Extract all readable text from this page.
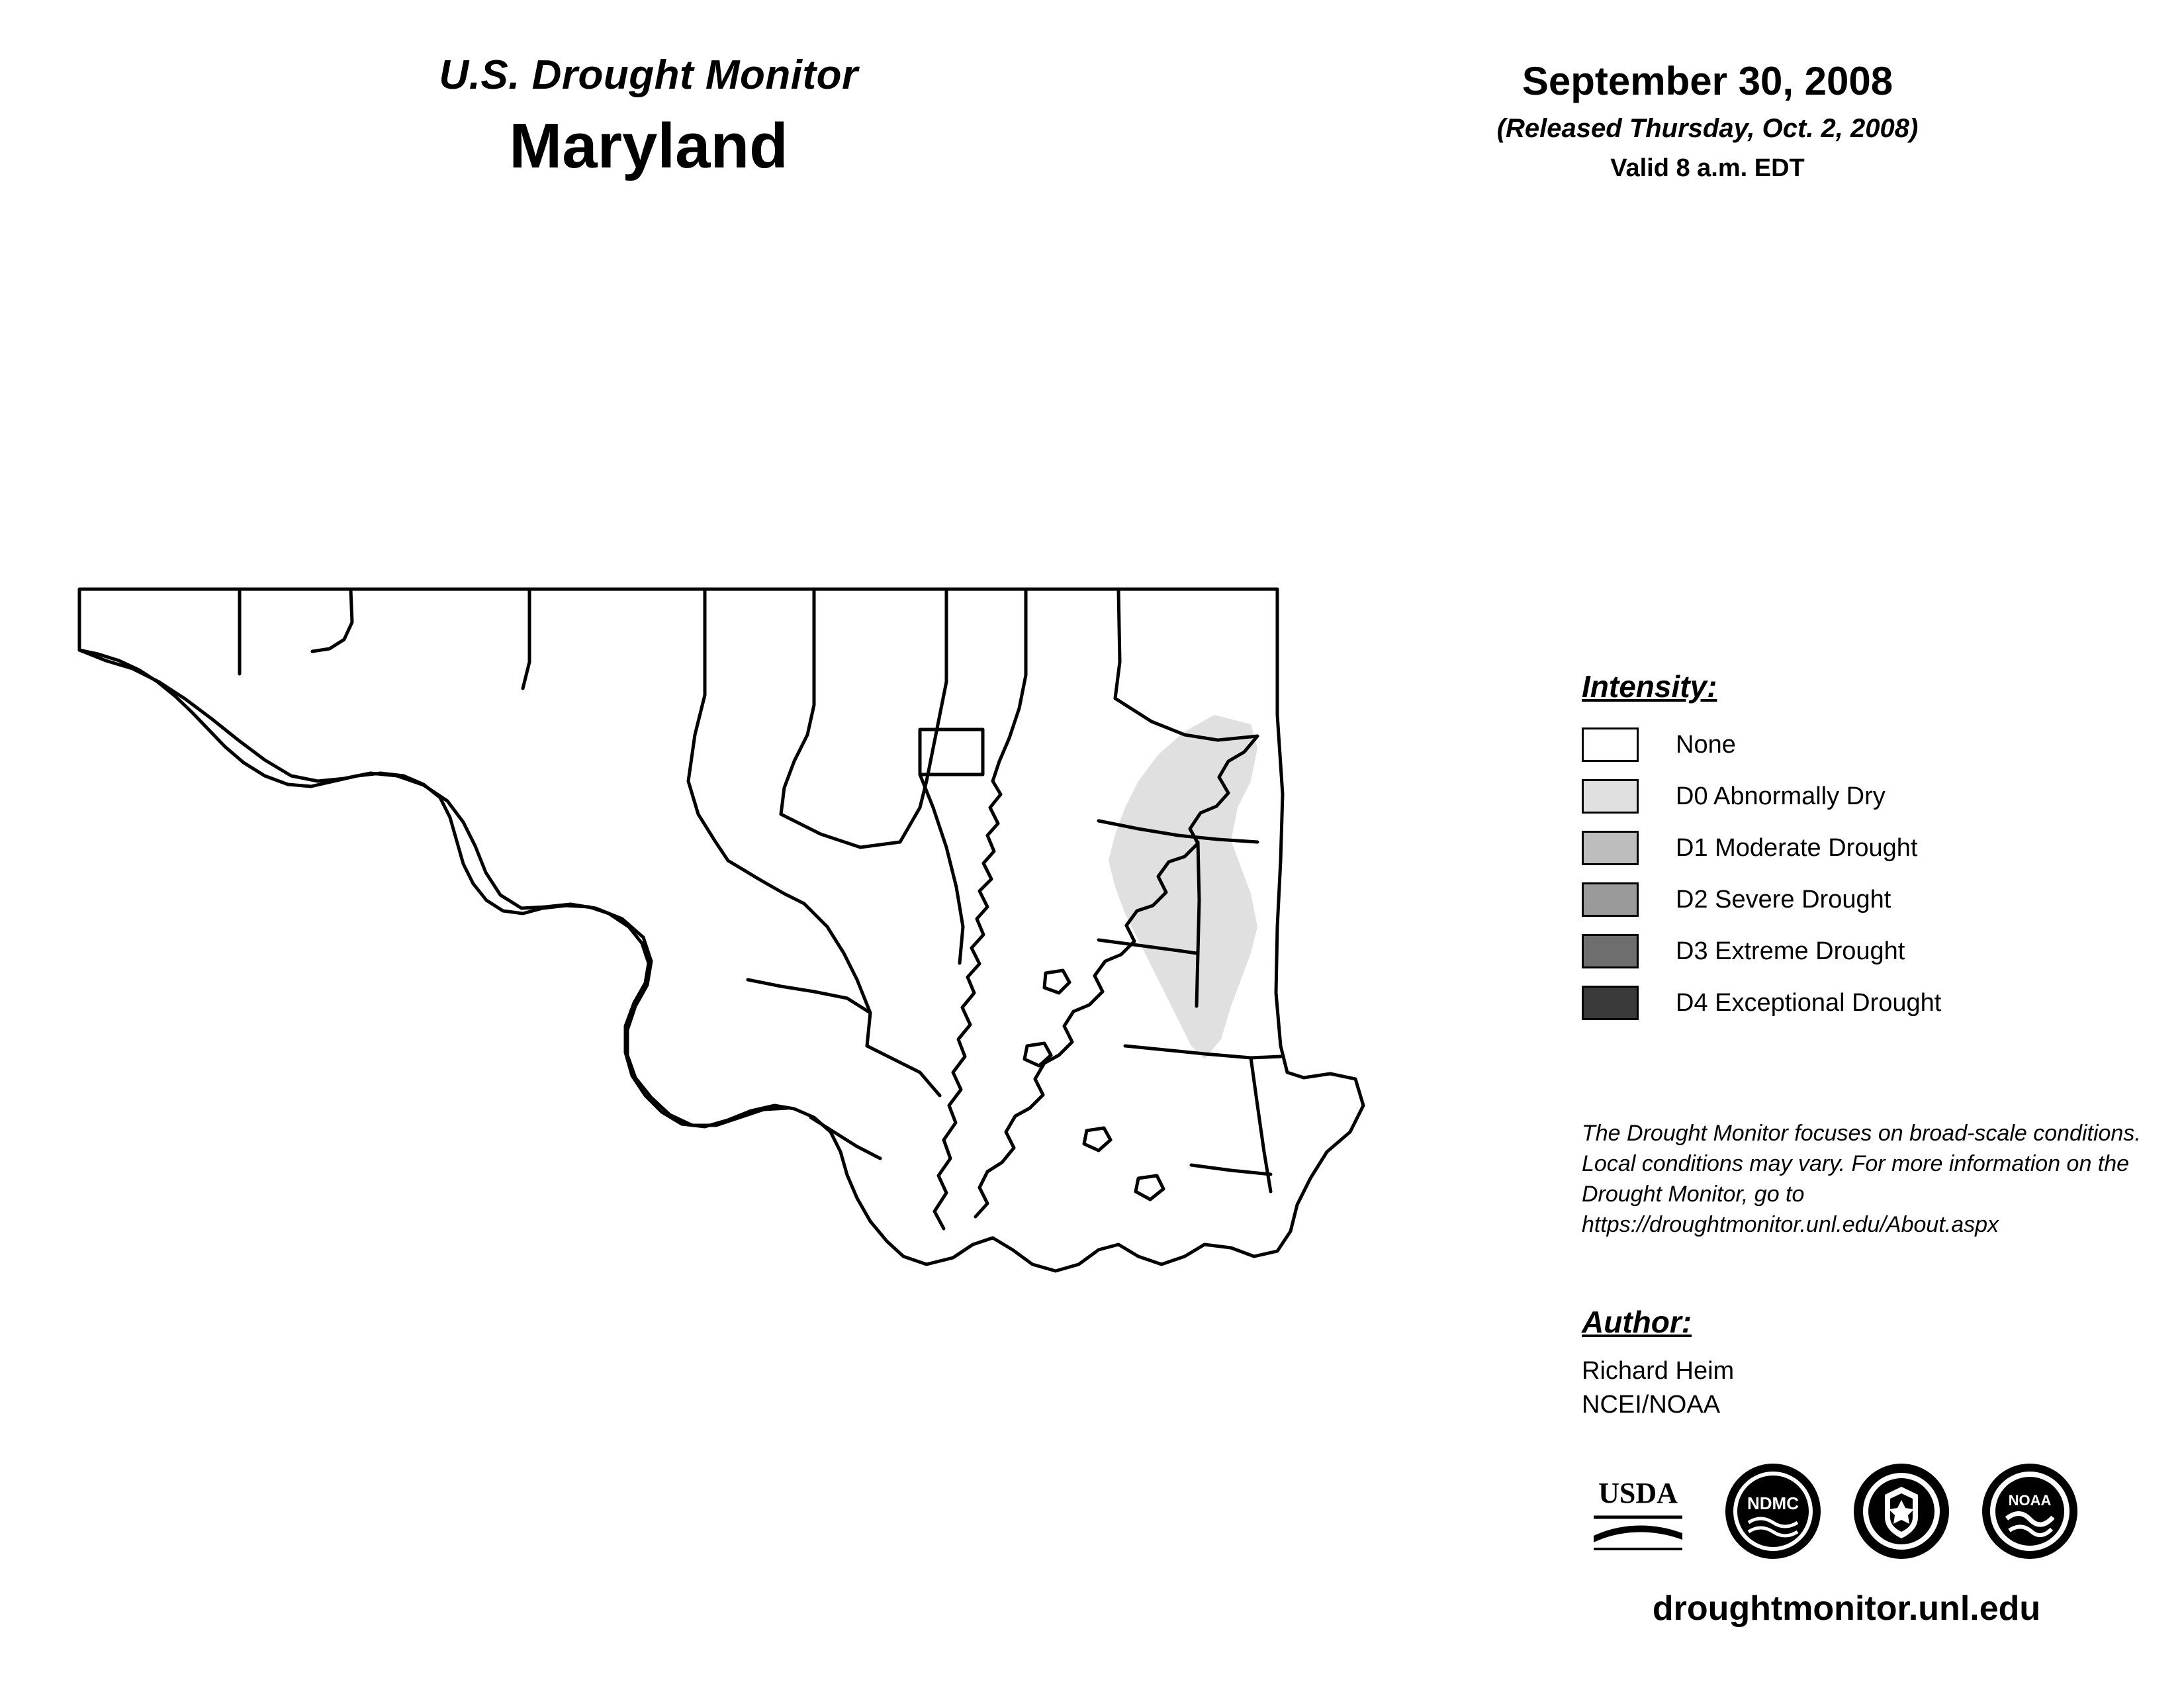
U.S. Drought Monitor
Maryland
September 30, 2008
(Released Thursday, Oct. 2, 2008)
Valid 8 a.m. EDT
Intensity:
None
D0 Abnormally Dry
D1 Moderate Drought
D2 Severe Drought
D3 Extreme Drought
D4 Exceptional Drought
The Drought Monitor focuses on broad-scale conditions. Local conditions may vary. For more information on the Drought Monitor, go to https://droughtmonitor.unl.edu/About.aspx
Author:
Richard Heim
NCEI/NOAA
USDA	NDMC	NOAA
droughtmonitor.unl.edu
